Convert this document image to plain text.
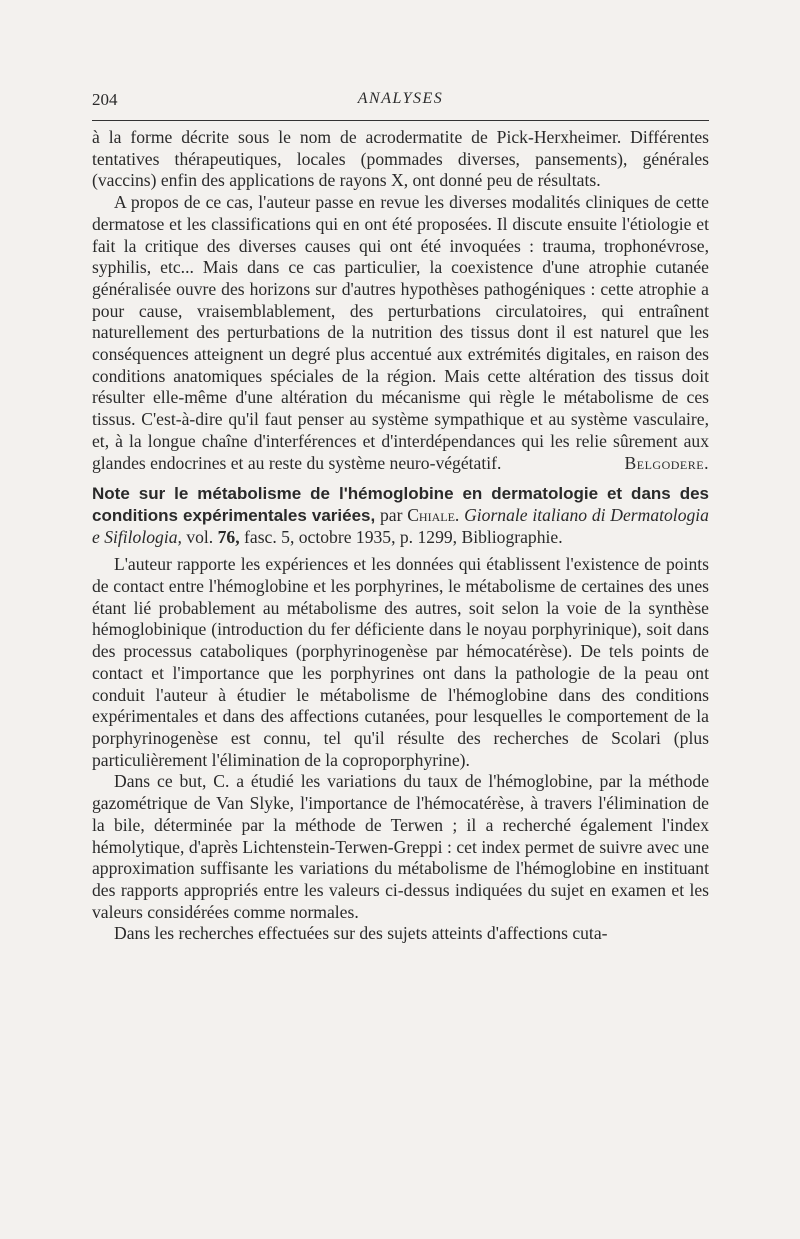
204	ANALYSES

à la forme décrite sous le nom de acrodermatite de Pick-Herxheimer. Différentes tentatives thérapeutiques, locales (pommades diverses, pansements), générales (vaccins) enfin des applications de rayons X, ont donné peu de résultats.

A propos de ce cas, l'auteur passe en revue les diverses modalités cliniques de cette dermatose et les classifications qui en ont été proposées. Il discute ensuite l'étiologie et fait la critique des diverses causes qui ont été invoquées : trauma, trophonévrose, syphilis, etc... Mais dans ce cas particulier, la coexistence d'une atrophie cutanée généralisée ouvre des horizons sur d'autres hypothèses pathogéniques : cette atrophie a pour cause, vraisemblablement, des perturbations circulatoires, qui entraînent naturellement des perturbations de la nutrition des tissus dont il est naturel que les conséquences atteignent un degré plus accentué aux extrémités digitales, en raison des conditions anatomiques spéciales de la région. Mais cette altération des tissus doit résulter elle-même d'une altération du mécanisme qui règle le métabolisme de ces tissus. C'est-à-dire qu'il faut penser au système sympathique et au système vasculaire, et, à la longue chaîne d'interférences et d'interdépendances qui les relie sûrement aux glandes endocrines et au reste du système neuro-végétatif.	Belgodere.

Note sur le métabolisme de l'hémoglobine en dermatologie et dans des conditions expérimentales variées, par Chiale. Giornale italiano di Dermatologia e Sifilologia, vol. 76, fasc. 5, octobre 1935, p. 1299, Bibliographie.

L'auteur rapporte les expériences et les données qui établissent l'existence de points de contact entre l'hémoglobine et les porphyrines, le métabolisme de certaines des unes étant lié probablement au métabolisme des autres, soit selon la voie de la synthèse hémoglobinique (introduction du fer déficiente dans le noyau porphyrinique), soit dans des processus cataboliques (porphyrinogenèse par hémocatérèse). De tels points de contact et l'importance que les porphyrines ont dans la pathologie de la peau ont conduit l'auteur à étudier le métabolisme de l'hémoglobine dans des conditions expérimentales et dans des affections cutanées, pour lesquelles le comportement de la porphyrinogenèse est connu, tel qu'il résulte des recherches de Scolari (plus particulièrement l'élimination de la coproporphyrine).

Dans ce but, C. a étudié les variations du taux de l'hémoglobine, par la méthode gazométrique de Van Slyke, l'importance de l'hémocatérèse, à travers l'élimination de la bile, déterminée par la méthode de Terwen ; il a recherché également l'index hémolytique, d'après Lichtenstein-Terwen-Greppi : cet index permet de suivre avec une approximation suffisante les variations du métabolisme de l'hémoglobine en instituant des rapports appropriés entre les valeurs ci-dessus indiquées du sujet en examen et les valeurs considérées comme normales.

Dans les recherches effectuées sur des sujets atteints d'affections cuta-
